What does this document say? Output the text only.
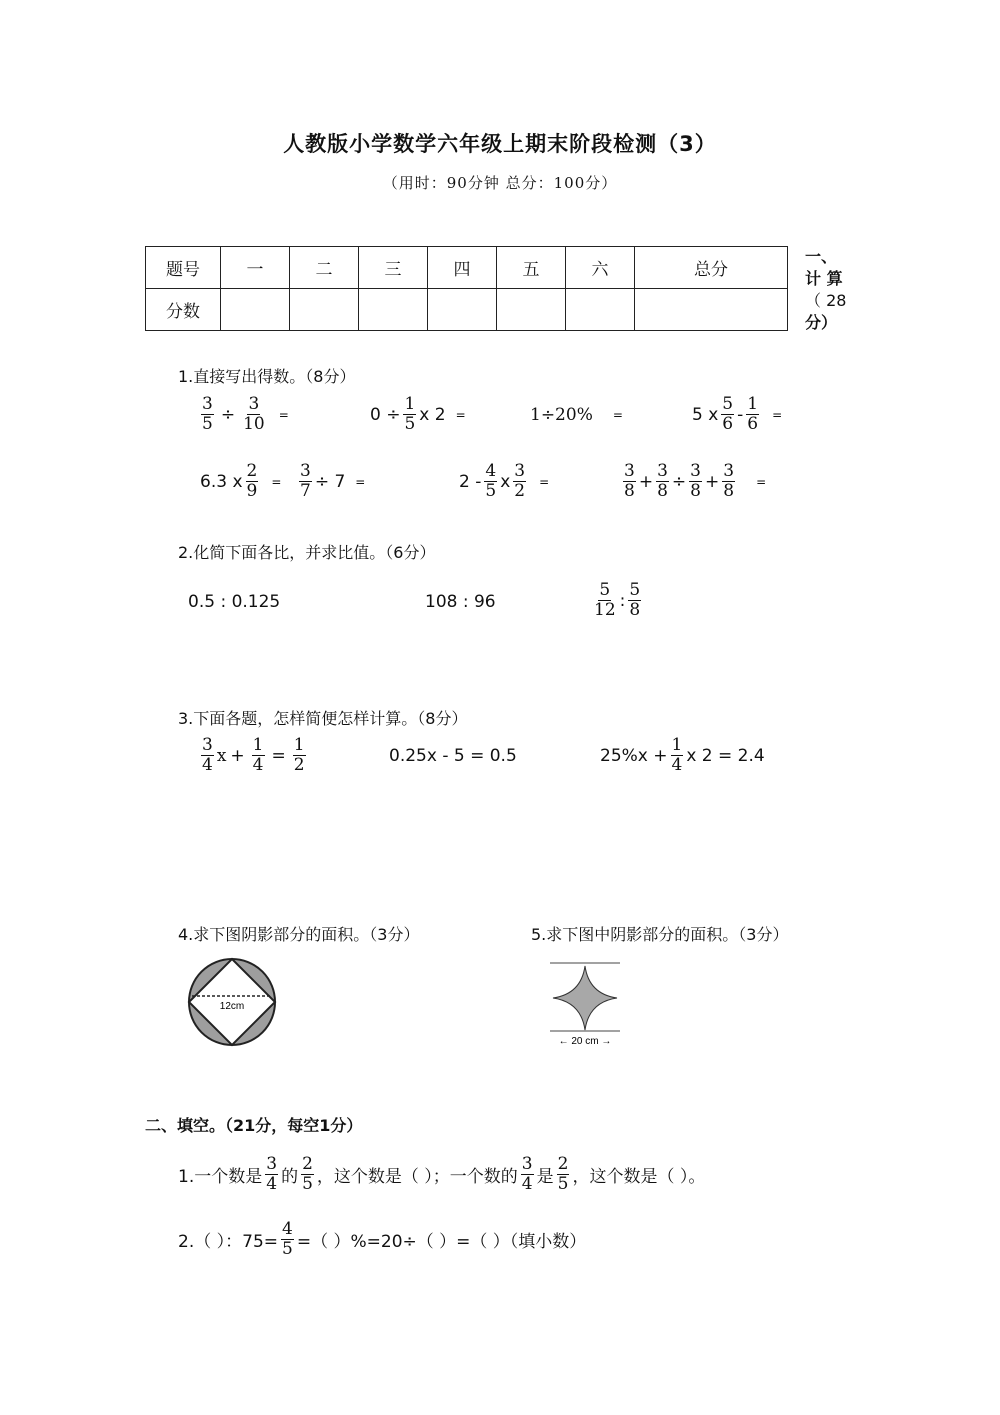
人教版小学数学六年级上期末阶段检测（3）
（用时：90分钟 总分：100分）
题号	一	二	三	四	五	六	总分
分数							
一、
计 算
（ 28
分）
1.直接写出得数。（8分）
$\frac{3}{5} \div \frac{3}{10}$ =	$0 \div \frac{1}{5}$ x 2 =	1÷20% =	5 x $\frac{5}{6} - \frac{1}{6}$ =
6.3 x $\frac{2}{9} = \frac{3}{7} \div 7$ =	$2 - \frac{4}{5}$ x $\frac{3}{2}$ =	$\frac{3}{8} + \frac{3}{8} \div \frac{3}{8} + \frac{3}{8}$ =
2.化简下面各比，并求比值。（6分）
0.5 : 0.125	108 : 96	$\frac{5}{12}$ : $\frac{5}{8}$
3.下面各题，怎样简便怎样计算。（8分）
$\frac{3}{4}$ $x + \frac{1}{4} = \frac{1}{2}$	0.25x - 5 = 0.5	$25\%x + \frac{1}{4}$ x 2 = 2.4
4.求下图阴影部分的面积。（3分）	5.求下图中阴影部分的面积。（3分）
12cm
← 20 cm →
二、填空。（21分，每空1分）
1.一个数是 $\frac{3}{4}$ 的 $\frac{2}{5}$ ，这个数是（ ）；一个数的 $\frac{3}{4}$ 是 $\frac{2}{5}$ ，这个数是（ ）。
2.（ ）：$75= \frac{4}{5}$ =（ ）%=20÷（ ）=（ ）（填小数）
